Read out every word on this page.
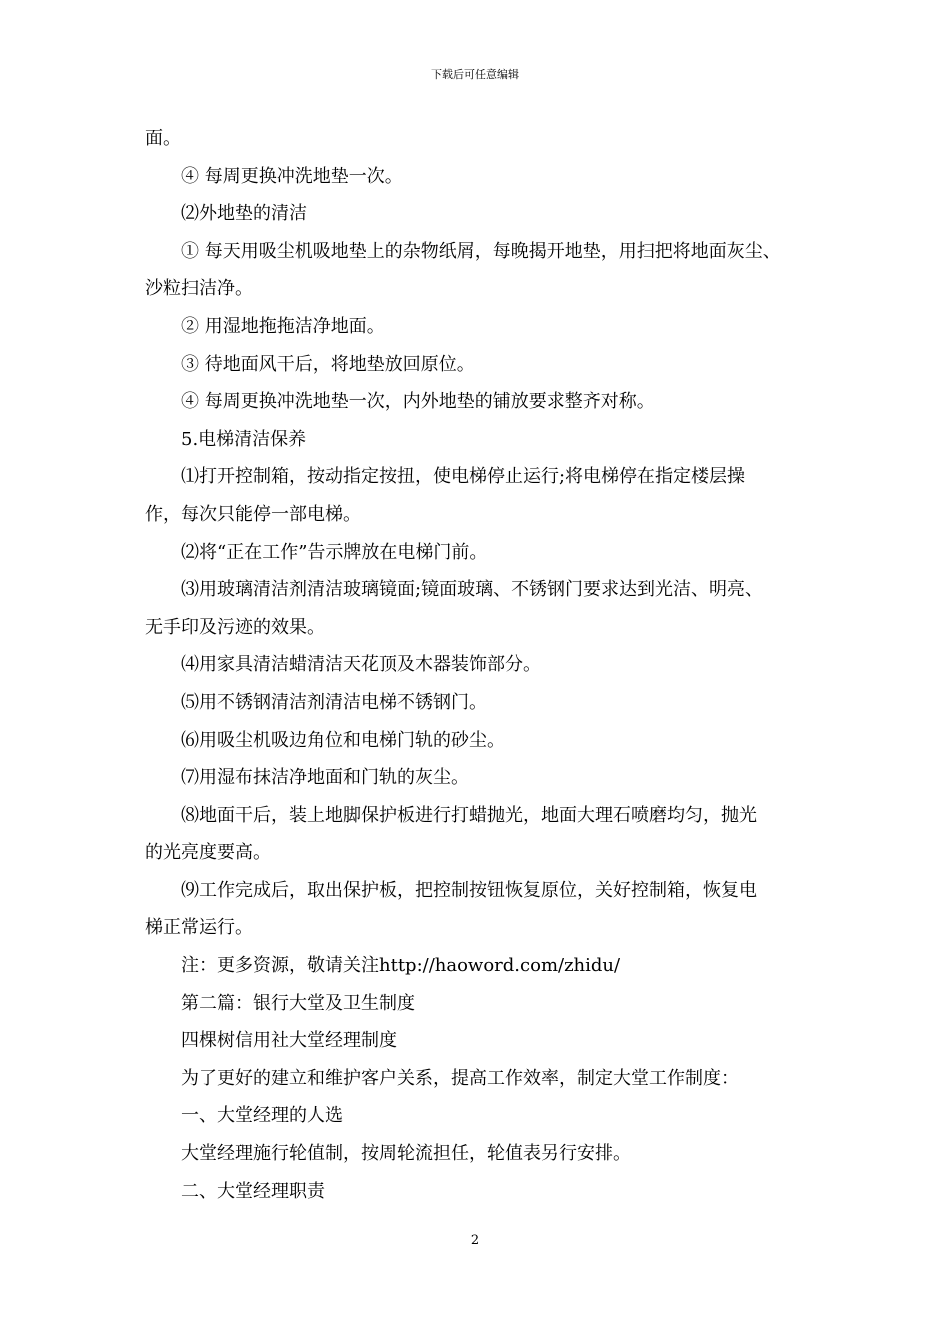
下载后可任意编辑
面。
④ 每周更换冲洗地垫一次。
⑵外地垫的清洁
① 每天用吸尘机吸地垫上的杂物纸屑，每晚揭开地垫，用扫把将地面灰尘、
沙粒扫洁净。
② 用湿地拖拖洁净地面。
③ 待地面风干后，将地垫放回原位。
④ 每周更换冲洗地垫一次，内外地垫的铺放要求整齐对称。
5.电梯清洁保养
⑴打开控制箱，按动指定按扭，使电梯停止运行;将电梯停在指定楼层操
作，每次只能停一部电梯。
⑵将“正在工作”告示牌放在电梯门前。
⑶用玻璃清洁剂清洁玻璃镜面;镜面玻璃、不锈钢门要求达到光洁、明亮、
无手印及污迹的效果。
⑷用家具清洁蜡清洁天花顶及木器装饰部分。
⑸用不锈钢清洁剂清洁电梯不锈钢门。
⑹用吸尘机吸边角位和电梯门轨的砂尘。
⑺用湿布抹洁净地面和门轨的灰尘。
⑻地面干后，装上地脚保护板进行打蜡抛光，地面大理石喷磨均匀，抛光
的光亮度要高。
⑼工作完成后，取出保护板，把控制按钮恢复原位，关好控制箱，恢复电
梯正常运行。
注：更多资源，敬请关注http://haoword.com/zhidu/
第二篇：银行大堂及卫生制度
四棵树信用社大堂经理制度
为了更好的建立和维护客户关系，提高工作效率，制定大堂工作制度：
一、大堂经理的人选
大堂经理施行轮值制，按周轮流担任，轮值表另行安排。
二、大堂经理职责
2
